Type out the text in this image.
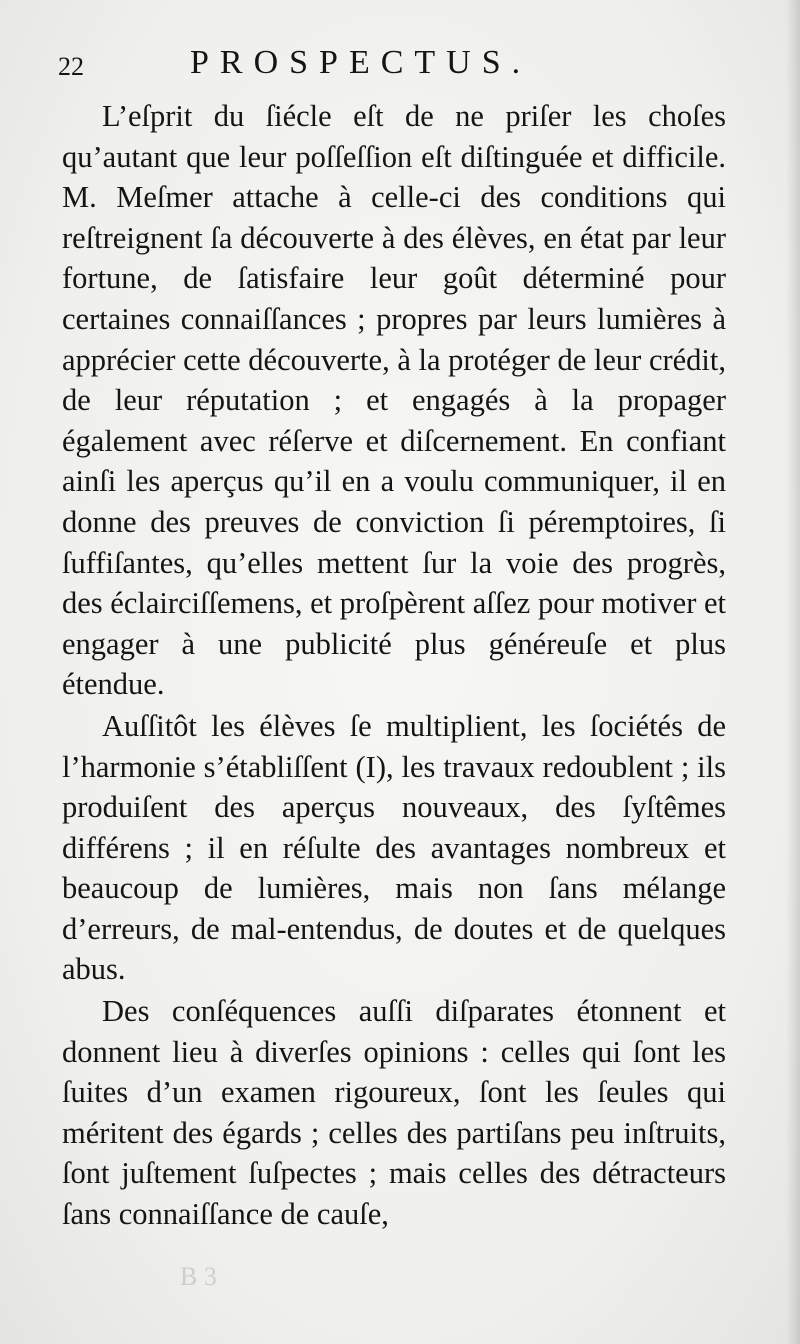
22	PROSPECTUS.

L’eſprit du ſiécle eſt de ne priſer les choſes qu’autant que leur poſſeſſion eſt diſtinguée et difficile. M. Meſmer attache à celle-ci des conditions qui reſtreignent ſa découverte à des élèves, en état par leur fortune, de ſatisfaire leur goût déterminé pour certaines connaiſſances ; propres par leurs lumières à apprécier cette découverte, à la protéger de leur crédit, de leur réputation ; et engagés à la propager également avec réſerve et diſcernement. En confiant ainſi les aperçus qu’il en a voulu communiquer, il en donne des preuves de conviction ſi péremptoires, ſi ſuffiſantes, qu’elles mettent ſur la voie des progrès, des éclairciſſemens, et proſpèrent aſſez pour motiver et engager à une publicité plus généreuſe et plus étendue.

Auſſitôt les élèves ſe multiplient, les ſociétés de l’harmonie s’établiſſent (I), les travaux redoublent ; ils produiſent des aperçus nouveaux, des ſyſtêmes différens ; il en réſulte des avantages nombreux et beaucoup de lumières, mais non ſans mélange d’erreurs, de mal-entendus, de doutes et de quelques abus.

Des conſéquences auſſi diſparates étonnent et donnent lieu à diverſes opinions : celles qui ſont les ſuites d’un examen rigoureux, ſont les ſeules qui méritent des égards ; celles des partiſans peu inſtruits, ſont juſtement ſuſpectes ; mais celles des détracteurs ſans connaiſſance de cauſe,

B 3
